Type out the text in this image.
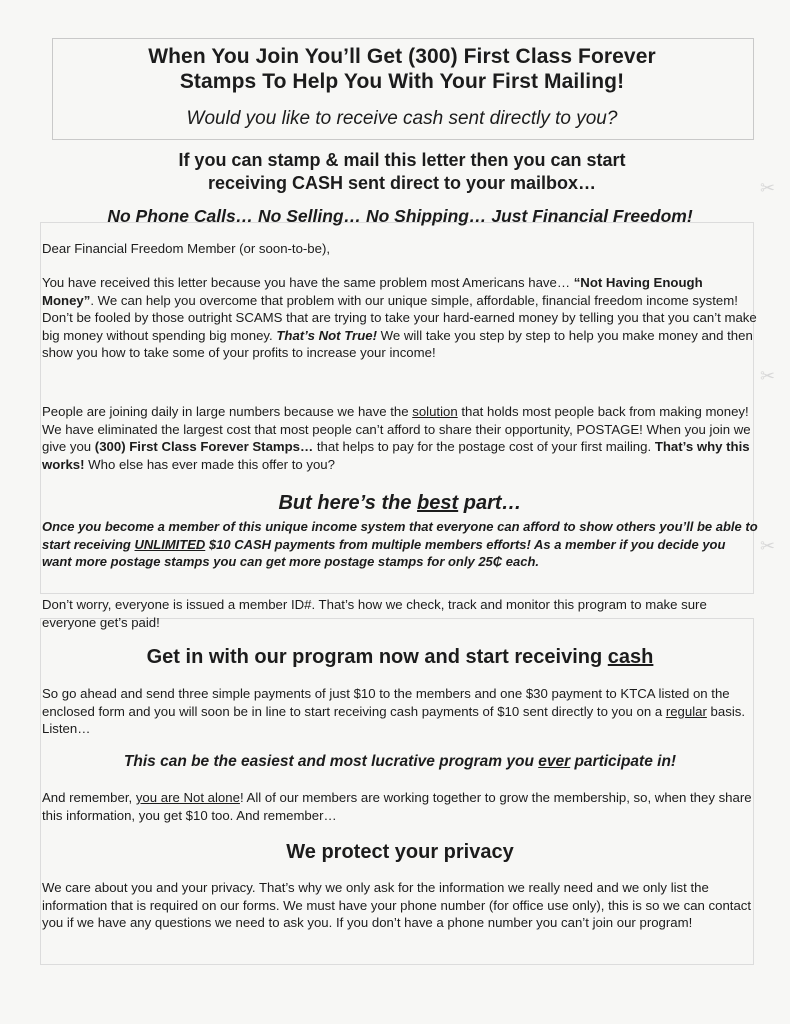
✂
✂
✂
When You Join You’ll Get (300) First Class Forever
Stamps To Help You With Your First Mailing!

Would you like to receive cash sent directly to you?

If you can stamp & mail this letter then you can start
receiving CASH sent direct to your mailbox…

No Phone Calls… No Selling… No Shipping… Just Financial Freedom!

Dear Financial Freedom Member (or soon-to-be),

You have received this letter because you have the same problem most Americans have… “Not Having Enough Money”. We can help you overcome that problem with our unique simple, affordable, financial freedom income system! Don’t be fooled by those outright SCAMS that are trying to take your hard-earned money by telling you that you can’t make big money without spending big money. That’s Not True! We will take you step by step to help you make money and then show you how to take some of your profits to increase your income!

People are joining daily in large numbers because we have the solution that holds most people back from making money! We have eliminated the largest cost that most people can’t afford to share their opportunity, POSTAGE! When you join we give you (300) First Class Forever Stamps… that helps to pay for the postage cost of your first mailing. That’s why this works! Who else has ever made this offer to you?

But here’s the best part…

Once you become a member of this unique income system that everyone can afford to show others you’ll be able to start receiving UNLIMITED $10 CASH payments from multiple members efforts! As a member if you decide you want more postage stamps you can get more postage stamps for only 25₵ each.

Don’t worry, everyone is issued a member ID#. That’s how we check, track and monitor this program to make sure everyone get’s paid!

Get in with our program now and start receiving cash

So go ahead and send three simple payments of just $10 to the members and one $30 payment to KTCA listed on the enclosed form and you will soon be in line to start receiving cash payments of $10 sent directly to you on a regular basis. Listen…

This can be the easiest and most lucrative program you ever participate in!

And remember, you are Not alone! All of our members are working together to grow the membership, so, when they share this information, you get $10 too. And remember…

We protect your privacy

We care about you and your privacy. That’s why we only ask for the information we really need and we only list the information that is required on our forms. We must have your phone number (for office use only), this is so we can contact you if we have any questions we need to ask you. If you don’t have a phone number you can’t join our program!
